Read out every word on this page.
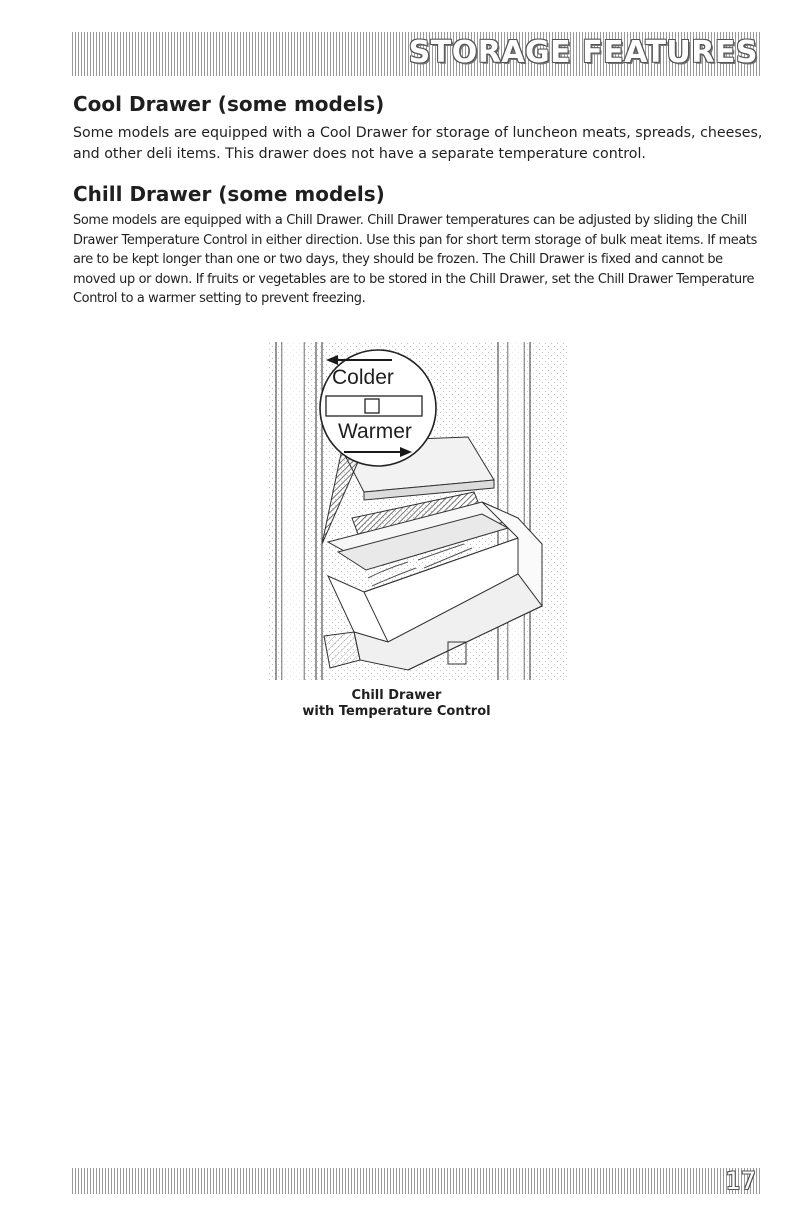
STORAGE FEATURES
Cool Drawer (some models)

Some models are equipped with a Cool Drawer for storage of luncheon meats, spreads, cheeses, and other deli items. This drawer does not have a separate temperature control.

Chill Drawer (some models)

Some models are equipped with a Chill Drawer. Chill Drawer temperatures can be adjusted by sliding the Chill Drawer Temperature Control in either direction. Use this pan for short term storage of bulk meat items. If meats are to be kept longer than one or two days, they should be frozen. The Chill Drawer is fixed and cannot be moved up or down. If fruits or vegetables are to be stored in the Chill Drawer, set the Chill Drawer Temperature Control to a warmer setting to prevent freezing.

Colder
Warmer
Chill Drawer
with Temperature Control
17
